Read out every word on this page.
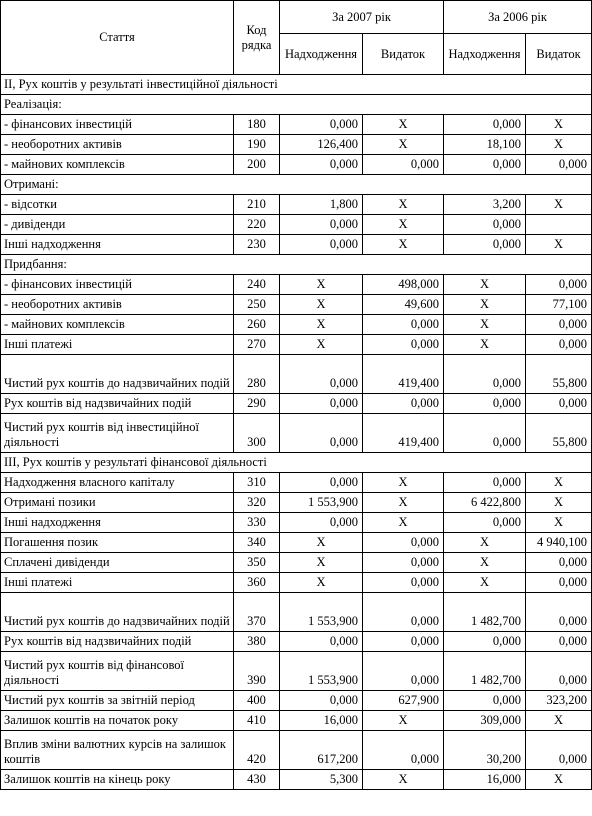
Стаття	Код рядка	За 2007 рік		За 2006 рік	
		Надходження	Видаток	Надходження	Видаток
ІІ, Рух коштів у результаті інвестиційної діяльності					
Реалізація:					
- фінансових інвестицій	180	0,000	Х	0,000	Х
- необоротних активів	190	126,400	Х	18,100	Х
- майнових комплексів	200	0,000	0,000	0,000	0,000
Отримані:					
- відсотки	210	1,800	Х	3,200	Х
- дивіденди	220	0,000	Х	0,000	
Інші надходження	230	0,000	Х	0,000	Х
Придбання:					
- фінансових інвестицій	240	Х	498,000	Х	0,000
- необоротних активів	250	Х	49,600	Х	77,100
- майнових комплексів	260	Х	0,000	Х	0,000
Інші платежі	270	Х	0,000	Х	0,000
Чистий рух коштів до надзвичайних подій	280	0,000	419,400	0,000	55,800
Рух коштів від надзвичайних подій	290	0,000	0,000	0,000	0,000
Чистий рух коштів від інвестиційної діяльності	300	0,000	419,400	0,000	55,800
ІІІ, Рух коштів у результаті фінансової діяльності					
Надходження власного капіталу	310	0,000	Х	0,000	Х
Отримані позики	320	1 553,900	Х	6 422,800	Х
Інші надходження	330	0,000	Х	0,000	Х
Погашення позик	340	Х	0,000	Х	4 940,100
Сплачені дивіденди	350	Х	0,000	Х	0,000
Інші платежі	360	Х	0,000	Х	0,000
Чистий рух коштів до надзвичайних подій	370	1 553,900	0,000	1 482,700	0,000
Рух коштів від надзвичайних подій	380	0,000	0,000	0,000	0,000
Чистий рух коштів від фінансової діяльності	390	1 553,900	0,000	1 482,700	0,000
Чистий рух коштів за звітній період	400	0,000	627,900	0,000	323,200
Залишок коштів на початок року	410	16,000	Х	309,000	Х
Вплив зміни валютних курсів на залишок коштів	420	617,200	0,000	30,200	0,000
Залишок коштів на кінець року	430	5,300	Х	16,000	Х
